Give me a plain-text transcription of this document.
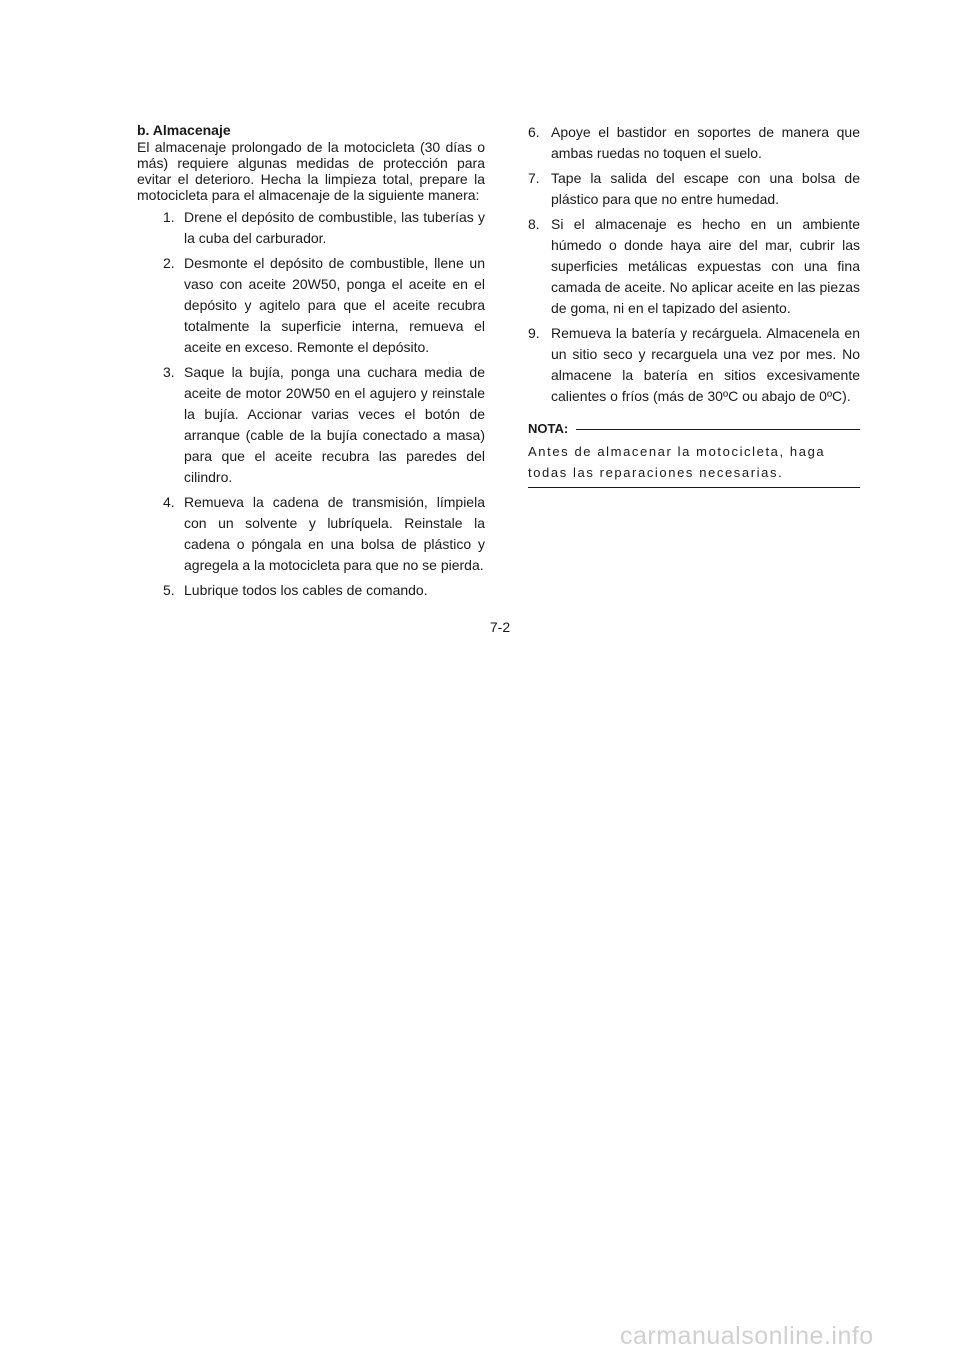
b. Almacenaje
El almacenaje prolongado de la motocicleta (30 días o más) requiere algunas medidas de protección para evitar el deterioro. Hecha la limpieza total, prepare la motocicleta para el almacenaje de la siguiente manera:
1. Drene el depósito de combustible, las tuberías y la cuba del carburador.
2. Desmonte el depósito de combustible, llene un vaso con aceite 20W50, ponga el aceite en el depósito y agitelo para que el aceite recubra totalmente la superficie interna, remueva el aceite en exceso. Remonte el depósito.
3. Saque la bujía, ponga una cuchara media de aceite de motor 20W50 en el agujero y reinstale la bujía. Accionar varias veces el botón de arranque (cable de la bujía conectado a masa) para que el aceite recubra las paredes del cilindro.
4. Remueva la cadena de transmisión, límpiela con un solvente y lubríquela. Reinstale la cadena o póngala en una bolsa de plástico y agregela a la motocicleta para que no se pierda.
5. Lubrique todos los cables de comando.
6. Apoye el bastidor en soportes de manera que ambas ruedas no toquen el suelo.
7. Tape la salida del escape con una bolsa de plástico para que no entre humedad.
8. Si el almacenaje es hecho en un ambiente húmedo o donde haya aire del mar, cubrir las superficies metálicas expuestas con una fina camada de aceite. No aplicar aceite en las piezas de goma, ni en el tapizado del asiento.
9. Remueva la batería y recárguela. Almacenela en un sitio seco y recarguela una vez por mes. No almacene la batería en sitios excesivamente calientes o fríos (más de 30ºC ou abajo de 0ºC).
NOTA:
Antes de almacenar la motocicleta, haga todas las reparaciones necesarias.
7-2
carmanualsonline.info
